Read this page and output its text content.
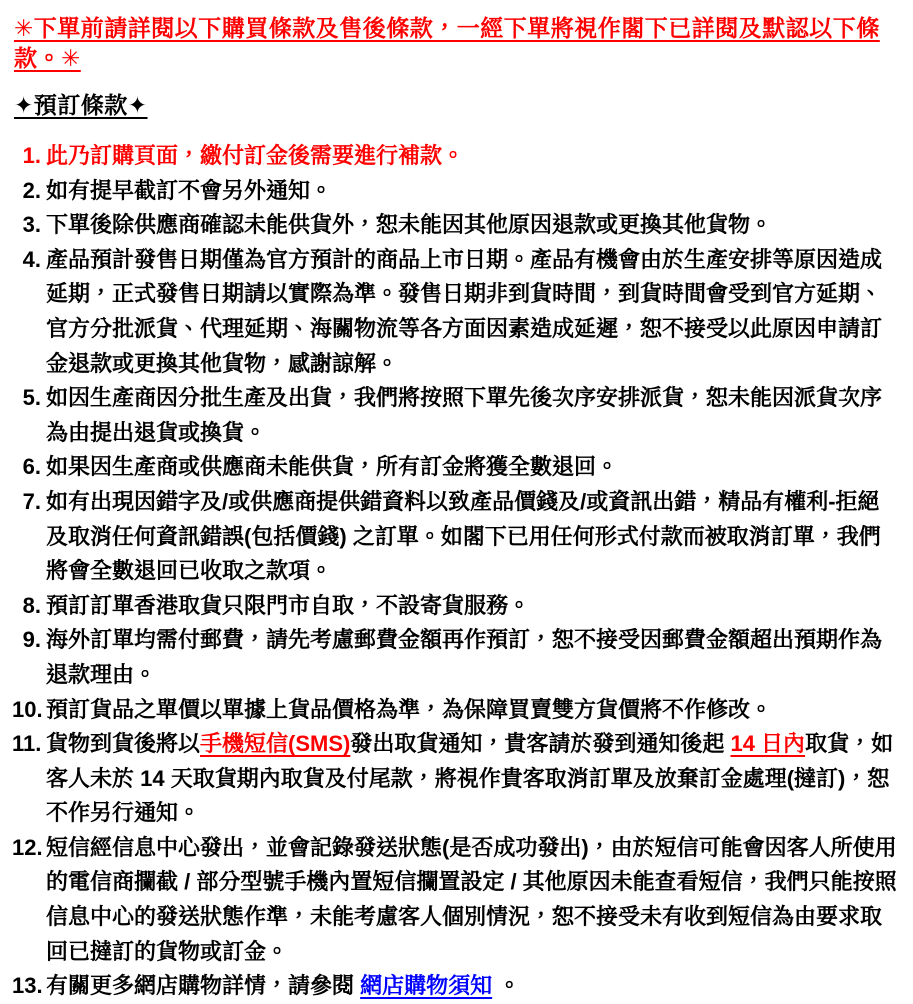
✳下單前請詳閱以下購買條款及售後條款，一經下單將視作閣下已詳閱及默認以下條款。✳
✦預訂條款✦
此乃訂購頁面，繳付訂金後需要進行補款。
如有提早截訂不會另外通知。
下單後除供應商確認未能供貨外，恕未能因其他原因退款或更換其他貨物。
產品預計發售日期僅為官方預計的商品上市日期。產品有機會由於生產安排等原因造成延期，正式發售日期請以實際為準。發售日期非到貨時間，到貨時間會受到官方延期、官方分批派貨、代理延期、海關物流等各方面因素造成延遲，恕不接受以此原因申請訂金退款或更換其他貨物，感謝諒解。
如因生產商因分批生產及出貨，我們將按照下單先後次序安排派貨，恕未能因派貨次序為由提出退貨或換貨。
如果因生產商或供應商未能供貨，所有訂金將獲全數退回。
如有出現因錯字及/或供應商提供錯資料以致產品價錢及/或資訊出錯，精品有權利-拒絕及取消任何資訊錯誤(包括價錢) 之訂單。如閣下已用任何形式付款而被取消訂單，我們將會全數退回已收取之款項。
預訂訂單香港取貨只限門市自取，不設寄貨服務。
海外訂單均需付郵費，請先考慮郵費金額再作預訂，恕不接受因郵費金額超出預期作為退款理由。
預訂貨品之單價以單據上貨品價格為準，為保障買賣雙方貨價將不作修改。
貨物到貨後將以手機短信(SMS)發出取貨通知，貴客請於發到通知後起 14 日內取貨，如客人未於 14 天取貨期內取貨及付尾款，將視作貴客取消訂單及放棄訂金處理(撻訂)，恕不作另行通知。
短信經信息中心發出，並會記錄發送狀態(是否成功發出)，由於短信可能會因客人所使用的電信商攔截 / 部分型號手機內置短信攔置設定 / 其他原因未能查看短信，我們只能按照信息中心的發送狀態作準，未能考慮客人個別情況，恕不接受未有收到短信為由要求取回已撻訂的貨物或訂金。
有關更多網店購物詳情，請參閱 網店購物須知 。
